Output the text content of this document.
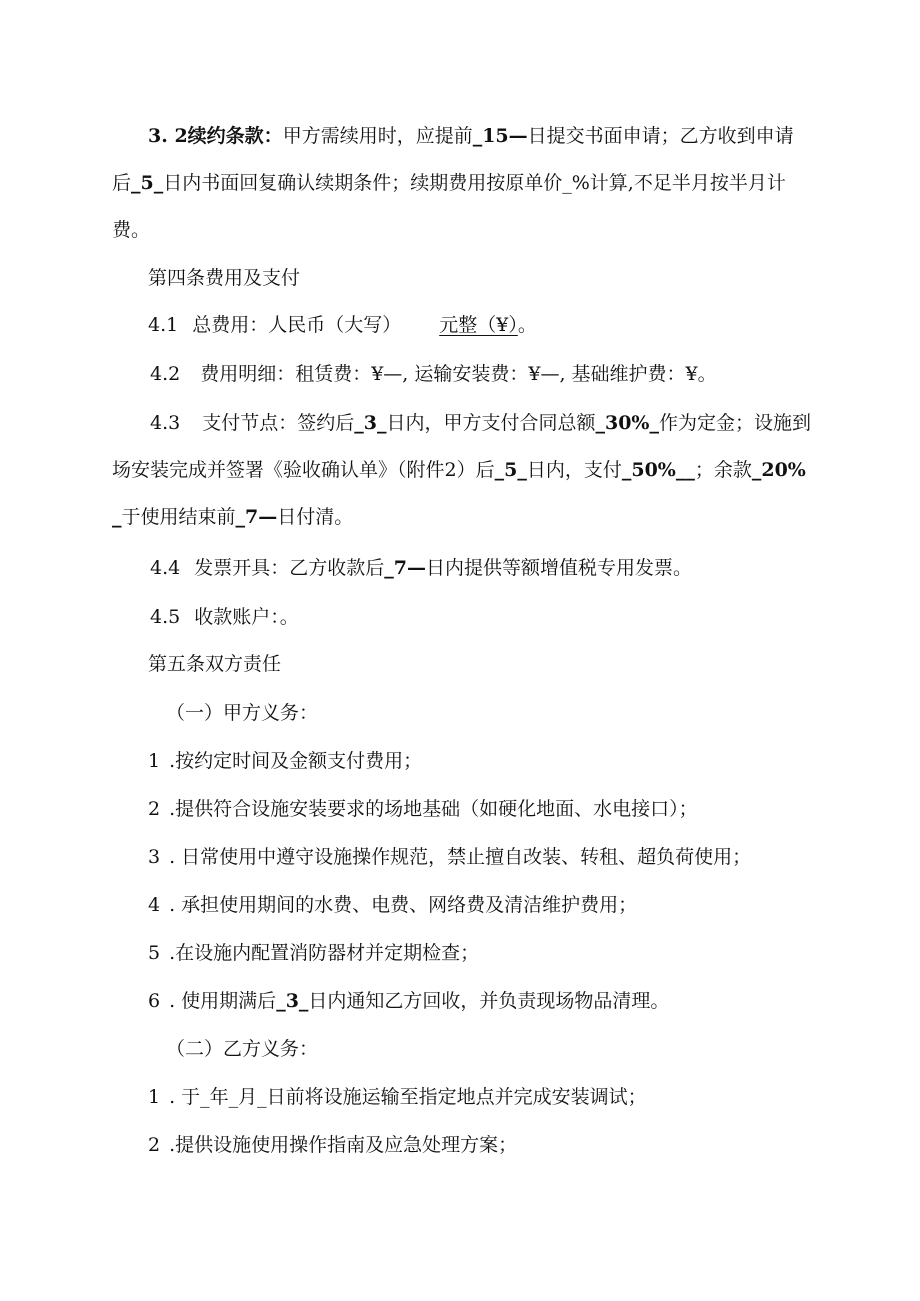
3. 2续约条款：甲方需续用时，应提前_15—日提交书面申请；乙方收到申请后_5_日内书面回复确认续期条件；续期费用按原单价_%计算,不足半月按半月计费。
第四条费用及支付
4.1 总费用：人民币（大写） 元整（¥）。
4.2 费用明细：租赁费：¥—, 运输安装费：¥—, 基础维护费：¥。
4.3 支付节点：签约后_3_日内，甲方支付合同总额_30%_作为定金；设施到场安装完成并签署《验收确认单》（附件2）后_5_日内，支付_50%__；余款_20%_于使用结束前_7—日付清。
4.4 发票开具：乙方收款后_7—日内提供等额增值税专用发票。
4.5 收款账户：。
第五条双方责任
（一）甲方义务：
1 .按约定时间及金额支付费用；
2 .提供符合设施安装要求的场地基础（如硬化地面、水电接口）；
3 . 日常使用中遵守设施操作规范，禁止擅自改装、转租、超负荷使用；
4 . 承担使用期间的水费、电费、网络费及清洁维护费用；
5 .在设施内配置消防器材并定期检查；
6 . 使用期满后_3_日内通知乙方回收，并负责现场物品清理。
（二）乙方义务：
1 . 于_年_月_日前将设施运输至指定地点并完成安装调试；
2 .提供设施使用操作指南及应急处理方案；
